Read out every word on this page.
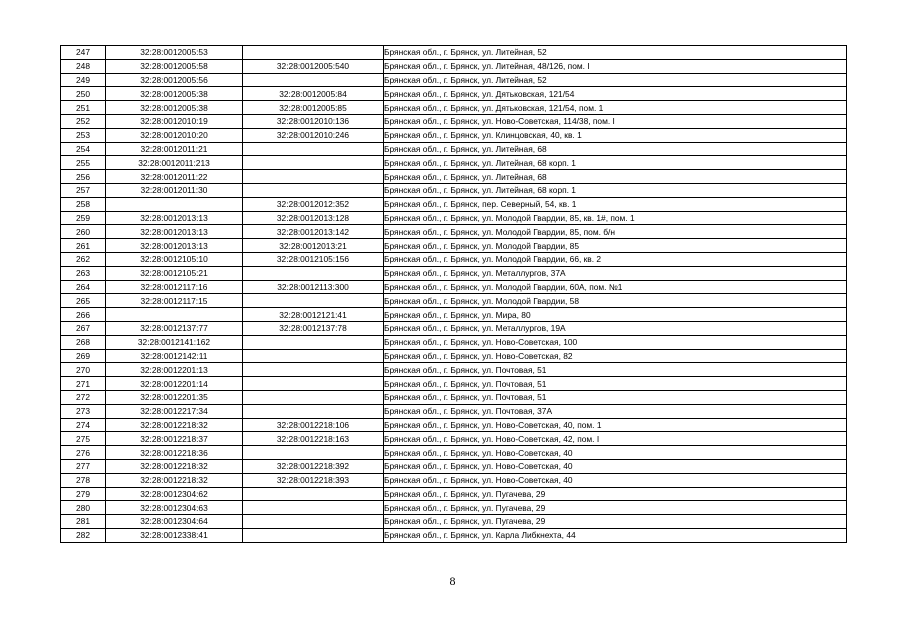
247	32:28:0012005:53		Брянская обл., г. Брянск, ул. Литейная, 52
248	32:28:0012005:58	32:28:0012005:540	Брянская обл., г. Брянск, ул. Литейная, 48/126, пом. I
249	32:28:0012005:56		Брянская обл., г. Брянск, ул. Литейная, 52
250	32:28:0012005:38	32:28:0012005:84	Брянская обл., г. Брянск, ул. Дятьковская, 121/54
251	32:28:0012005:38	32:28:0012005:85	Брянская обл., г. Брянск, ул. Дятьковская, 121/54, пом. 1
252	32:28:0012010:19	32:28:0012010:136	Брянская обл., г. Брянск, ул. Ново-Советская, 114/38, пом. I
253	32:28:0012010:20	32:28:0012010:246	Брянская обл., г. Брянск, ул. Клинцовская, 40, кв. 1
254	32:28:0012011:21		Брянская обл., г. Брянск, ул. Литейная, 68
255	32:28:0012011:213		Брянская обл., г. Брянск, ул. Литейная, 68 корп. 1
256	32:28:0012011:22		Брянская обл., г. Брянск, ул. Литейная, 68
257	32:28:0012011:30		Брянская обл., г. Брянск, ул. Литейная, 68 корп. 1
258		32:28:0012012:352	Брянская обл., г. Брянск, пер. Северный, 54, кв. 1
259	32:28:0012013:13	32:28:0012013:128	Брянская обл., г. Брянск, ул. Молодой Гвардии, 85, кв. 1#, пом. 1
260	32:28:0012013:13	32:28:0012013:142	Брянская обл., г. Брянск, ул. Молодой Гвардии, 85, пом. б/н
261	32:28:0012013:13	32:28:0012013:21	Брянская обл., г. Брянск, ул. Молодой Гвардии, 85
262	32:28:0012105:10	32:28:0012105:156	Брянская обл., г. Брянск, ул. Молодой Гвардии, 66, кв. 2
263	32:28:0012105:21		Брянская обл., г. Брянск, ул. Металлургов, 37А
264	32:28:0012117:16	32:28:0012113:300	Брянская обл., г. Брянск, ул. Молодой Гвардии, 60А, пом. №1
265	32:28:0012117:15		Брянская обл., г. Брянск, ул. Молодой Гвардии, 58
266		32:28:0012121:41	Брянская обл., г. Брянск, ул. Мира, 80
267	32:28:0012137:77	32:28:0012137:78	Брянская обл., г. Брянск, ул. Металлургов, 19А
268	32:28:0012141:162		Брянская обл., г. Брянск, ул. Ново-Советская, 100
269	32:28:0012142:11		Брянская обл., г. Брянск, ул. Ново-Советская, 82
270	32:28:0012201:13		Брянская обл., г. Брянск, ул. Почтовая, 51
271	32:28:0012201:14		Брянская обл., г. Брянск, ул. Почтовая, 51
272	32:28:0012201:35		Брянская обл., г. Брянск, ул. Почтовая, 51
273	32:28:0012217:34		Брянская обл., г. Брянск, ул. Почтовая, 37А
274	32:28:0012218:32	32:28:0012218:106	Брянская обл., г. Брянск, ул. Ново-Советская, 40, пом. 1
275	32:28:0012218:37	32:28:0012218:163	Брянская обл., г. Брянск, ул. Ново-Советская, 42, пом. I
276	32:28:0012218:36		Брянская обл., г. Брянск, ул. Ново-Советская, 40
277	32:28:0012218:32	32:28:0012218:392	Брянская обл., г. Брянск, ул. Ново-Советская, 40
278	32:28:0012218:32	32:28:0012218:393	Брянская обл., г. Брянск, ул. Ново-Советская, 40
279	32:28:0012304:62		Брянская обл., г. Брянск, ул. Пугачева, 29
280	32:28:0012304:63		Брянская обл., г. Брянск, ул. Пугачева, 29
281	32:28:0012304:64		Брянская обл., г. Брянск, ул. Пугачева, 29
282	32:28:0012338:41		Брянская обл., г. Брянск, ул. Карла Либкнехта, 44
8
